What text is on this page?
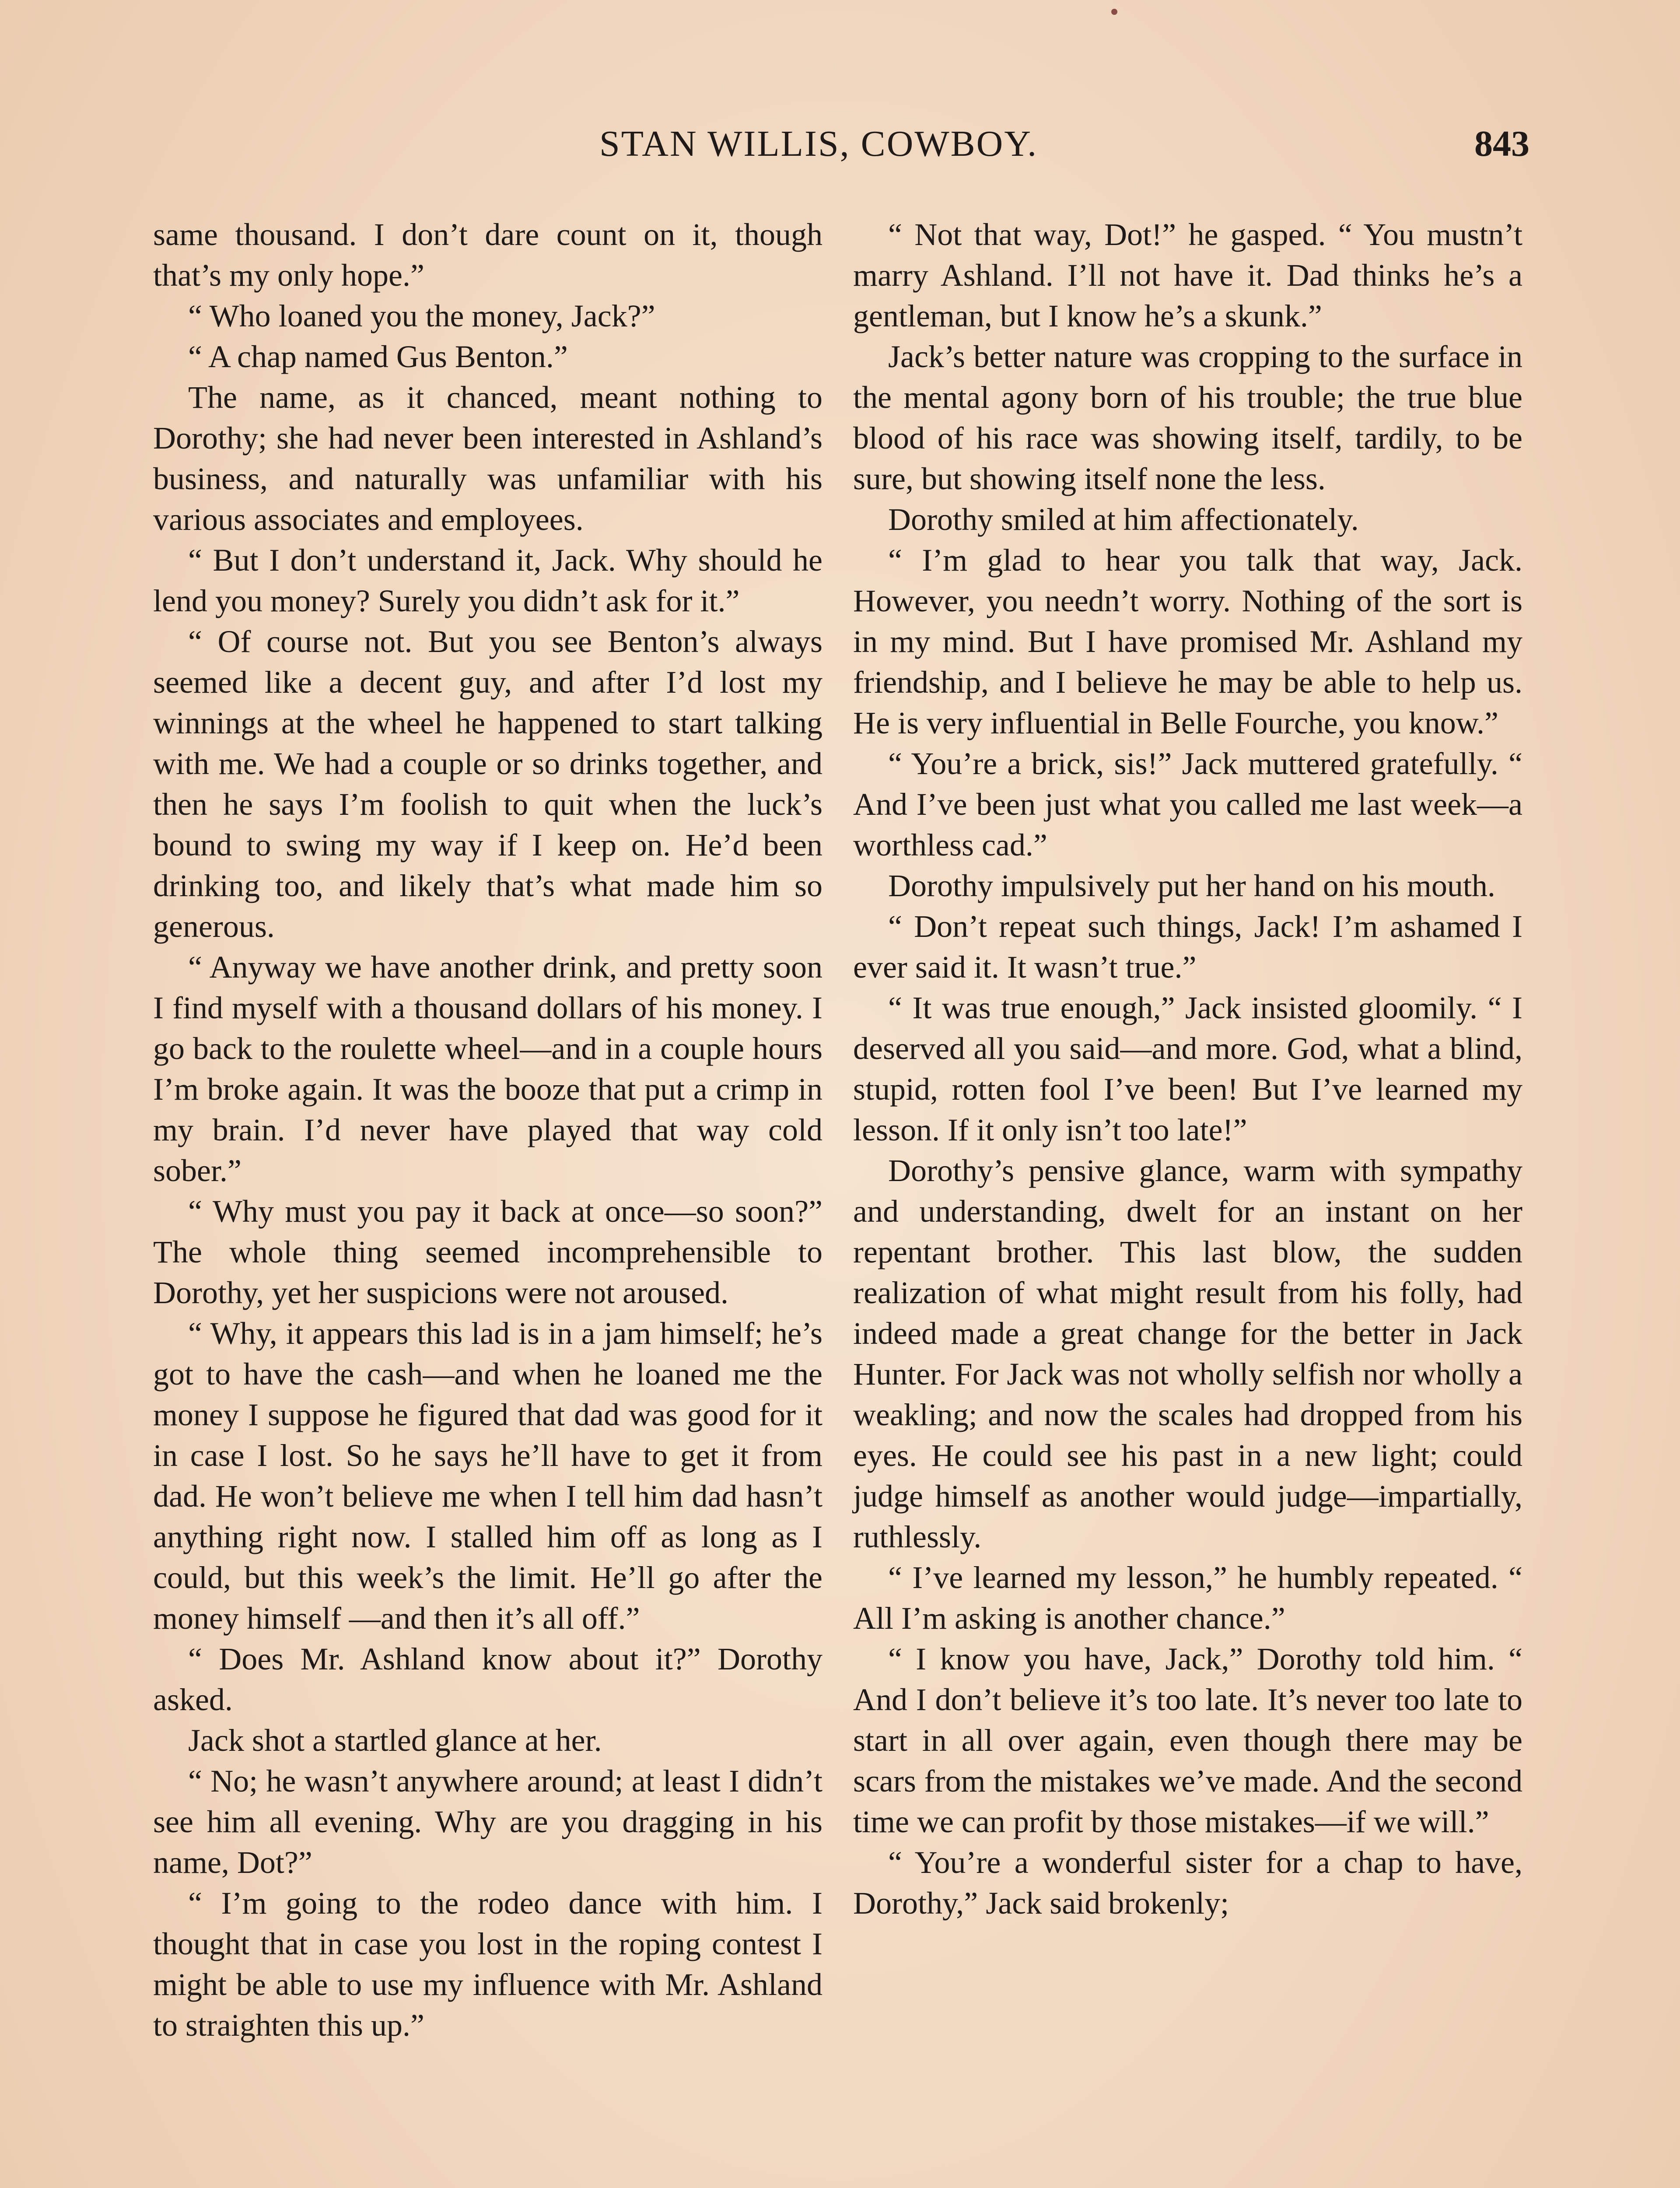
STAN WILLIS, COWBOY.	843

same thousand. I don’t dare count on it, though that’s my only hope.”

“ Who loaned you the money, Jack?”

“ A chap named Gus Benton.”

The name, as it chanced, meant nothing to Dorothy; she had never been interested in Ashland’s business, and naturally was unfamiliar with his various associates and employees.

“ But I don’t understand it, Jack. Why should he lend you money? Surely you didn’t ask for it.”

“ Of course not. But you see Benton’s always seemed like a decent guy, and after I’d lost my winnings at the wheel he happened to start talking with me. We had a couple or so drinks together, and then he says I’m foolish to quit when the luck’s bound to swing my way if I keep on. He’d been drinking too, and likely that’s what made him so generous.

“ Anyway we have another drink, and pretty soon I find myself with a thousand dollars of his money. I go back to the roulette wheel—and in a couple hours I’m broke again. It was the booze that put a crimp in my brain. I’d never have played that way cold sober.”

“ Why must you pay it back at once—so soon?” The whole thing seemed incomprehensible to Dorothy, yet her suspicions were not aroused.

“ Why, it appears this lad is in a jam himself; he’s got to have the cash—and when he loaned me the money I suppose he figured that dad was good for it in case I lost. So he says he’ll have to get it from dad. He won’t believe me when I tell him dad hasn’t anything right now. I stalled him off as long as I could, but this week’s the limit. He’ll go after the money himself —and then it’s all off.”

“ Does Mr. Ashland know about it?” Dorothy asked.

Jack shot a startled glance at her.

“ No; he wasn’t anywhere around; at least I didn’t see him all evening. Why are you dragging in his name, Dot?”

“ I’m going to the rodeo dance with him. I thought that in case you lost in the roping contest I might be able to use my influence with Mr. Ashland to straighten this up.”

“ Not that way, Dot!” he gasped. “ You mustn’t marry Ashland. I’ll not have it. Dad thinks he’s a gentleman, but I know he’s a skunk.”

Jack’s better nature was cropping to the surface in the mental agony born of his trouble; the true blue blood of his race was showing itself, tardily, to be sure, but showing itself none the less.

Dorothy smiled at him affectionately.

“ I’m glad to hear you talk that way, Jack. However, you needn’t worry. Nothing of the sort is in my mind. But I have promised Mr. Ashland my friendship, and I believe he may be able to help us. He is very influential in Belle Fourche, you know.”

“ You’re a brick, sis!” Jack muttered gratefully. “ And I’ve been just what you called me last week—a worthless cad.”

Dorothy impulsively put her hand on his mouth.

“ Don’t repeat such things, Jack! I’m ashamed I ever said it. It wasn’t true.”

“ It was true enough,” Jack insisted gloomily. “ I deserved all you said—and more. God, what a blind, stupid, rotten fool I’ve been! But I’ve learned my lesson. If it only isn’t too late!”

Dorothy’s pensive glance, warm with sympathy and understanding, dwelt for an instant on her repentant brother. This last blow, the sudden realization of what might result from his folly, had indeed made a great change for the better in Jack Hunter. For Jack was not wholly selfish nor wholly a weakling; and now the scales had dropped from his eyes. He could see his past in a new light; could judge himself as another would judge—impartially, ruthlessly.

“ I’ve learned my lesson,” he humbly repeated. “ All I’m asking is another chance.”

“ I know you have, Jack,” Dorothy told him. “ And I don’t believe it’s too late. It’s never too late to start in all over again, even though there may be scars from the mistakes we’ve made. And the second time we can profit by those mistakes—if we will.”

“ You’re a wonderful sister for a chap to have, Dorothy,” Jack said brokenly;
